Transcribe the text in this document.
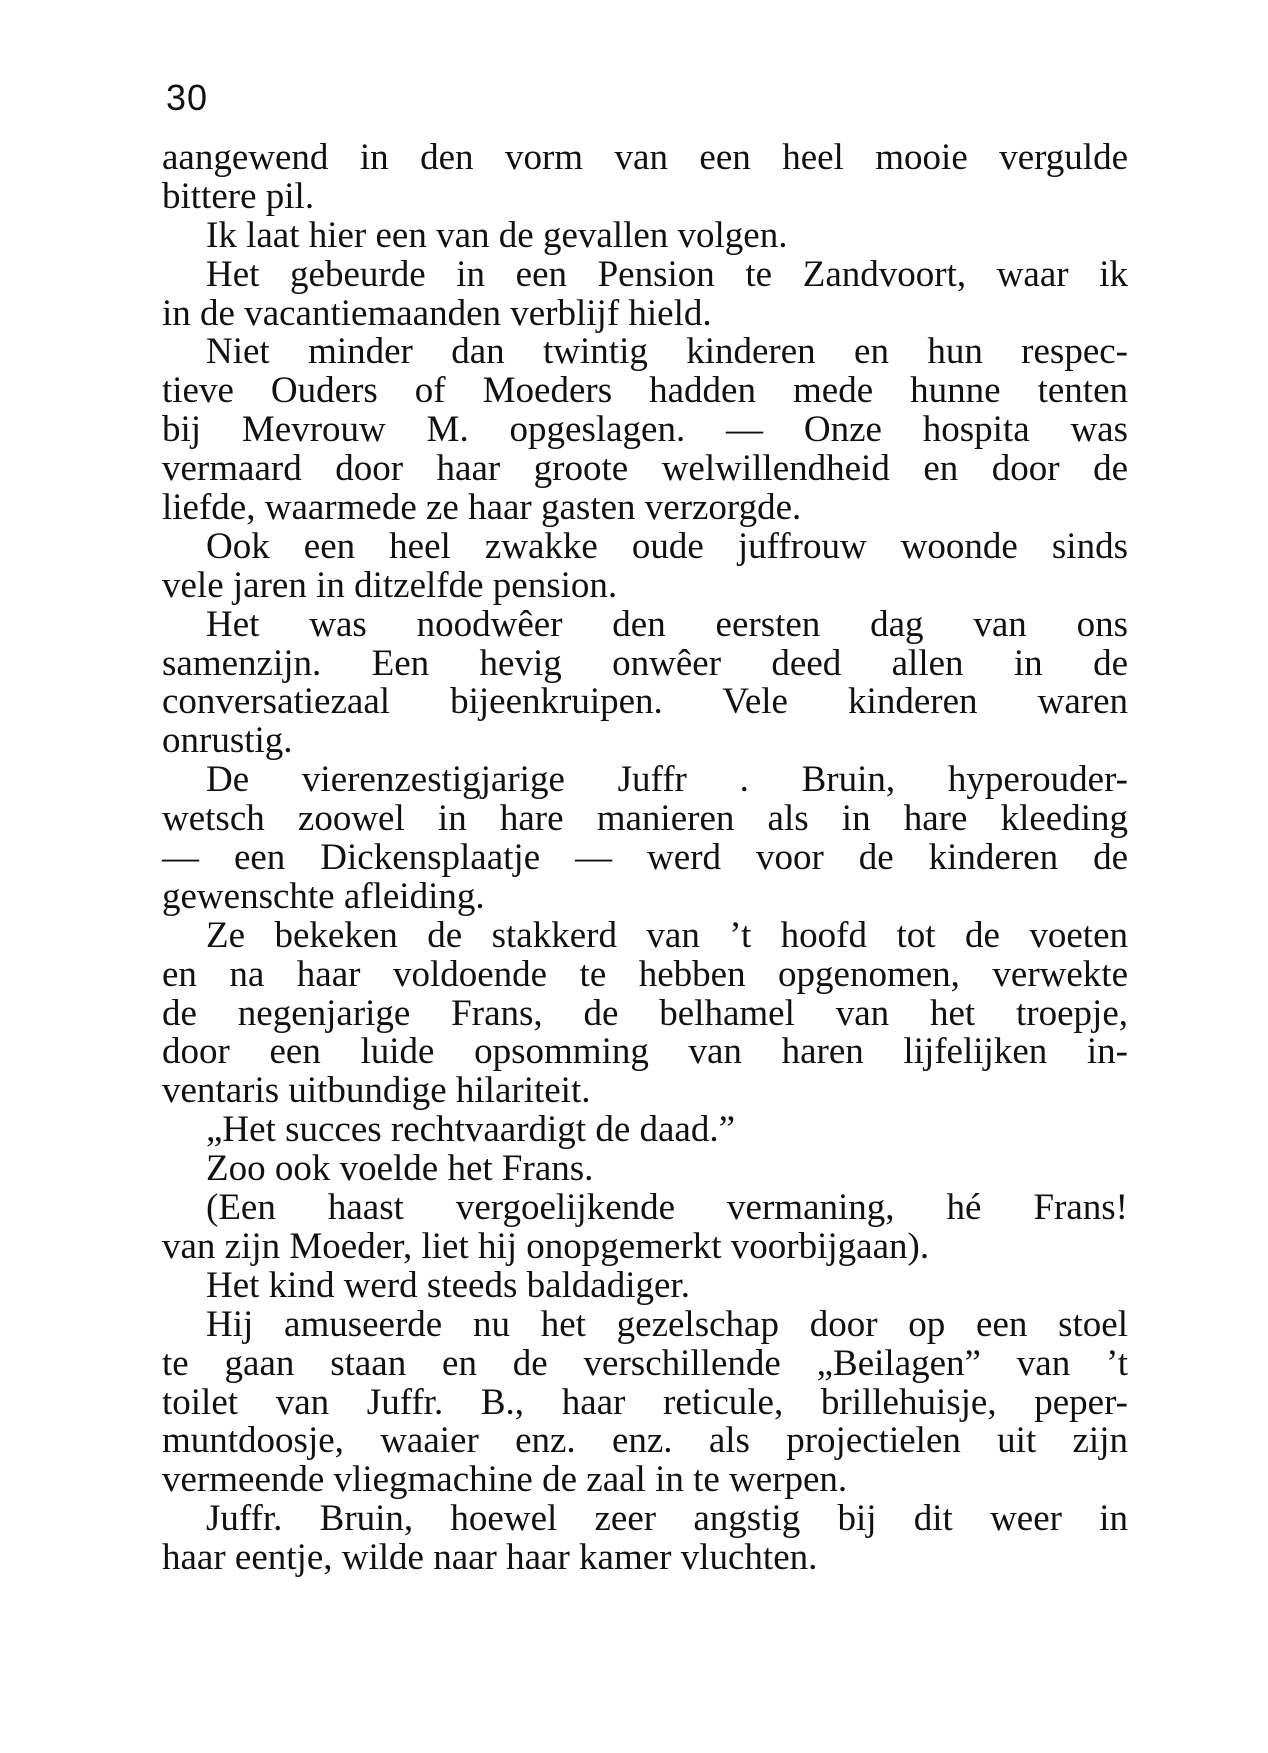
30
aangewend in den vorm van een heel mooie vergulde
bittere pil.
Ik laat hier een van de gevallen volgen.
Het gebeurde in een Pension te Zandvoort, waar ik
in de vacantiemaanden verblijf hield.
Niet minder dan twintig kinderen en hun respec-
tieve Ouders of Moeders hadden mede hunne tenten
bij Mevrouw M. opgeslagen. — Onze hospita was
vermaard door haar groote welwillendheid en door de
liefde, waarmede ze haar gasten verzorgde.
Ook een heel zwakke oude juffrouw woonde sinds
vele jaren in ditzelfde pension.
Het was noodwêer den eersten dag van ons
samenzijn. Een hevig onwêer deed allen in de
conversatiezaal bijeenkruipen. Vele kinderen waren
onrustig.
De vierenzestigjarige Juffr . Bruin, hyperouder-
wetsch zoowel in hare manieren als in hare kleeding
— een Dickensplaatje — werd voor de kinderen de
gewenschte afleiding.
Ze bekeken de stakkerd van ’t hoofd tot de voeten
en na haar voldoende te hebben opgenomen, verwekte
de negenjarige Frans, de belhamel van het troepje,
door een luide opsomming van haren lijfelijken in-
ventaris uitbundige hilariteit.
„Het succes rechtvaardigt de daad.”
Zoo ook voelde het Frans.
(Een haast vergoelijkende vermaning, hé Frans!
van zijn Moeder, liet hij onopgemerkt voorbijgaan).
Het kind werd steeds baldadiger.
Hij amuseerde nu het gezelschap door op een stoel
te gaan staan en de verschillende „Beilagen” van ’t
toilet van Juffr. B., haar reticule, brillehuisje, peper-
muntdoosje, waaier enz. enz. als projectielen uit zijn
vermeende vliegmachine de zaal in te werpen.
Juffr. Bruin, hoewel zeer angstig bij dit weer in
haar eentje, wilde naar haar kamer vluchten.
